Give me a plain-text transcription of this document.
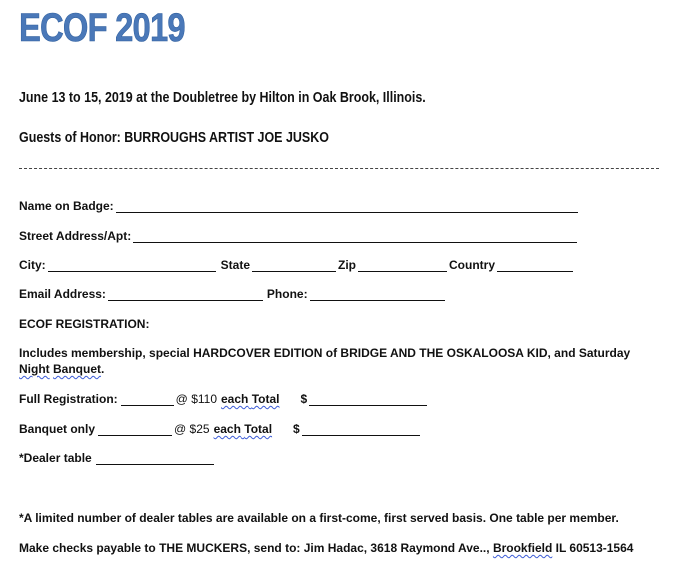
ECOF 2019
June 13 to 15, 2019 at the Doubletree by Hilton in Oak Brook, Illinois.
Guests of Honor: BURROUGHS ARTIST JOE JUSKO
Name on Badge:
Street Address/Apt:
City:	State	Zip	Country
Email Address:	Phone:
ECOF REGISTRATION:
Includes membership, special HARDCOVER EDITION of BRIDGE AND THE OSKALOOSA KID, and Saturday
Night Banquet.
Full Registration:	@ $110 each Total $
Banquet only	@ $25 each Total $
*Dealer table
*A limited number of dealer tables are available on a first-come, first served basis. One table per member.
Make checks payable to THE MUCKERS, send to: Jim Hadac, 3618 Raymond Ave.., Brookfield IL 60513-1564
